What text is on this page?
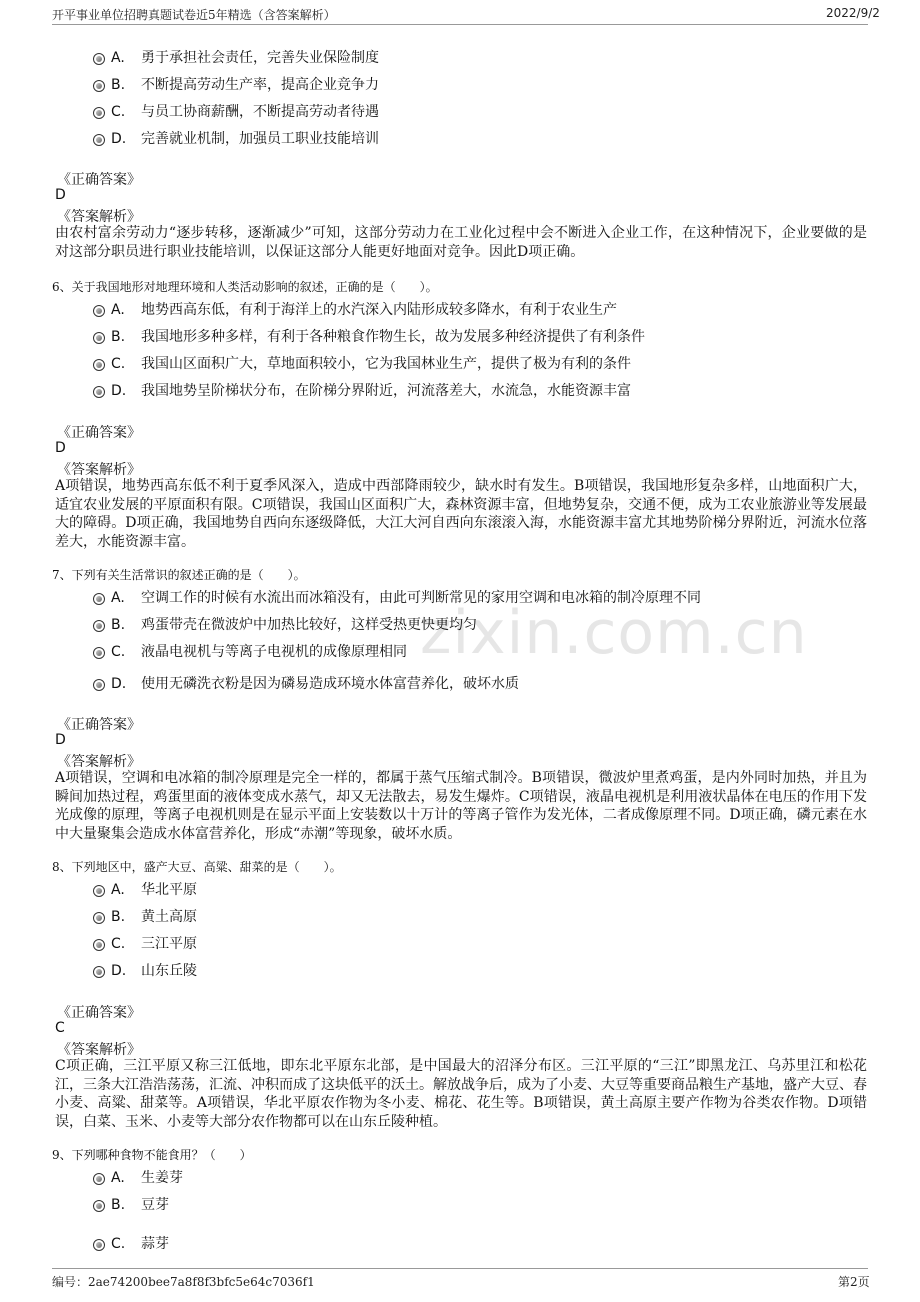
开平事业单位招聘真题试卷近5年精选（含答案解析）	2022/9/2
zixin.com.cn
A. 勇于承担社会责任，完善失业保险制度
B. 不断提高劳动生产率，提高企业竞争力
C. 与员工协商薪酬，不断提高劳动者待遇
D. 完善就业机制，加强员工职业技能培训
《正确答案》
D
《答案解析》
由农村富余劳动力“逐步转移，逐渐减少”可知，这部分劳动力在工业化过程中会不断进入企业工作，在这种情况下，企业要做的是对这部分职员进行职业技能培训，以保证这部分人能更好地面对竞争。因此D项正确。
6、关于我国地形对地理环境和人类活动影响的叙述，正确的是（　　）。
A. 地势西高东低，有利于海洋上的水汽深入内陆形成较多降水，有利于农业生产
B. 我国地形多种多样，有利于各种粮食作物生长，故为发展多种经济提供了有利条件
C. 我国山区面积广大，草地面积较小，它为我国林业生产，提供了极为有利的条件
D. 我国地势呈阶梯状分布，在阶梯分界附近，河流落差大，水流急，水能资源丰富
《正确答案》
D
《答案解析》
A项错误，地势西高东低不利于夏季风深入，造成中西部降雨较少，缺水时有发生。B项错误，我国地形复杂多样，山地面积广大，适宜农业发展的平原面积有限。C项错误，我国山区面积广大，森林资源丰富，但地势复杂，交通不便，成为工农业旅游业等发展最大的障碍。D项正确，我国地势自西向东逐级降低，大江大河自西向东滚滚入海，水能资源丰富尤其地势阶梯分界附近，河流水位落差大，水能资源丰富。
7、下列有关生活常识的叙述正确的是（　　）。
A. 空调工作的时候有水流出而冰箱没有，由此可判断常见的家用空调和电冰箱的制冷原理不同
B. 鸡蛋带壳在微波炉中加热比较好，这样受热更快更均匀
C. 液晶电视机与等离子电视机的成像原理相同
D. 使用无磷洗衣粉是因为磷易造成环境水体富营养化，破坏水质
《正确答案》
D
《答案解析》
A项错误，空调和电冰箱的制冷原理是完全一样的，都属于蒸气压缩式制冷。B项错误，微波炉里煮鸡蛋，是内外同时加热，并且为瞬间加热过程，鸡蛋里面的液体变成水蒸气，却又无法散去，易发生爆炸。C项错误，液晶电视机是利用液状晶体在电压的作用下发光成像的原理，等离子电视机则是在显示平面上安装数以十万计的等离子管作为发光体，二者成像原理不同。D项正确，磷元素在水中大量聚集会造成水体富营养化，形成“赤潮”等现象，破坏水质。
8、下列地区中，盛产大豆、高粱、甜菜的是（　　）。
A. 华北平原
B. 黄土高原
C. 三江平原
D. 山东丘陵
《正确答案》
C
《答案解析》
C项正确，三江平原又称三江低地，即东北平原东北部，是中国最大的沼泽分布区。三江平原的“三江”即黑龙江、乌苏里江和松花江，三条大江浩浩荡荡，汇流、冲积而成了这块低平的沃土。解放战争后，成为了小麦、大豆等重要商品粮生产基地，盛产大豆、春小麦、高粱、甜菜等。A项错误，华北平原农作物为冬小麦、棉花、花生等。B项错误，黄土高原主要产作物为谷类农作物。D项错误，白菜、玉米、小麦等大部分农作物都可以在山东丘陵种植。
9、下列哪种食物不能食用？（　　）
A. 生姜芽
B. 豆芽
C. 蒜芽
编号：2ae74200bee7a8f8f3bfc5e64c7036f1	第2页
